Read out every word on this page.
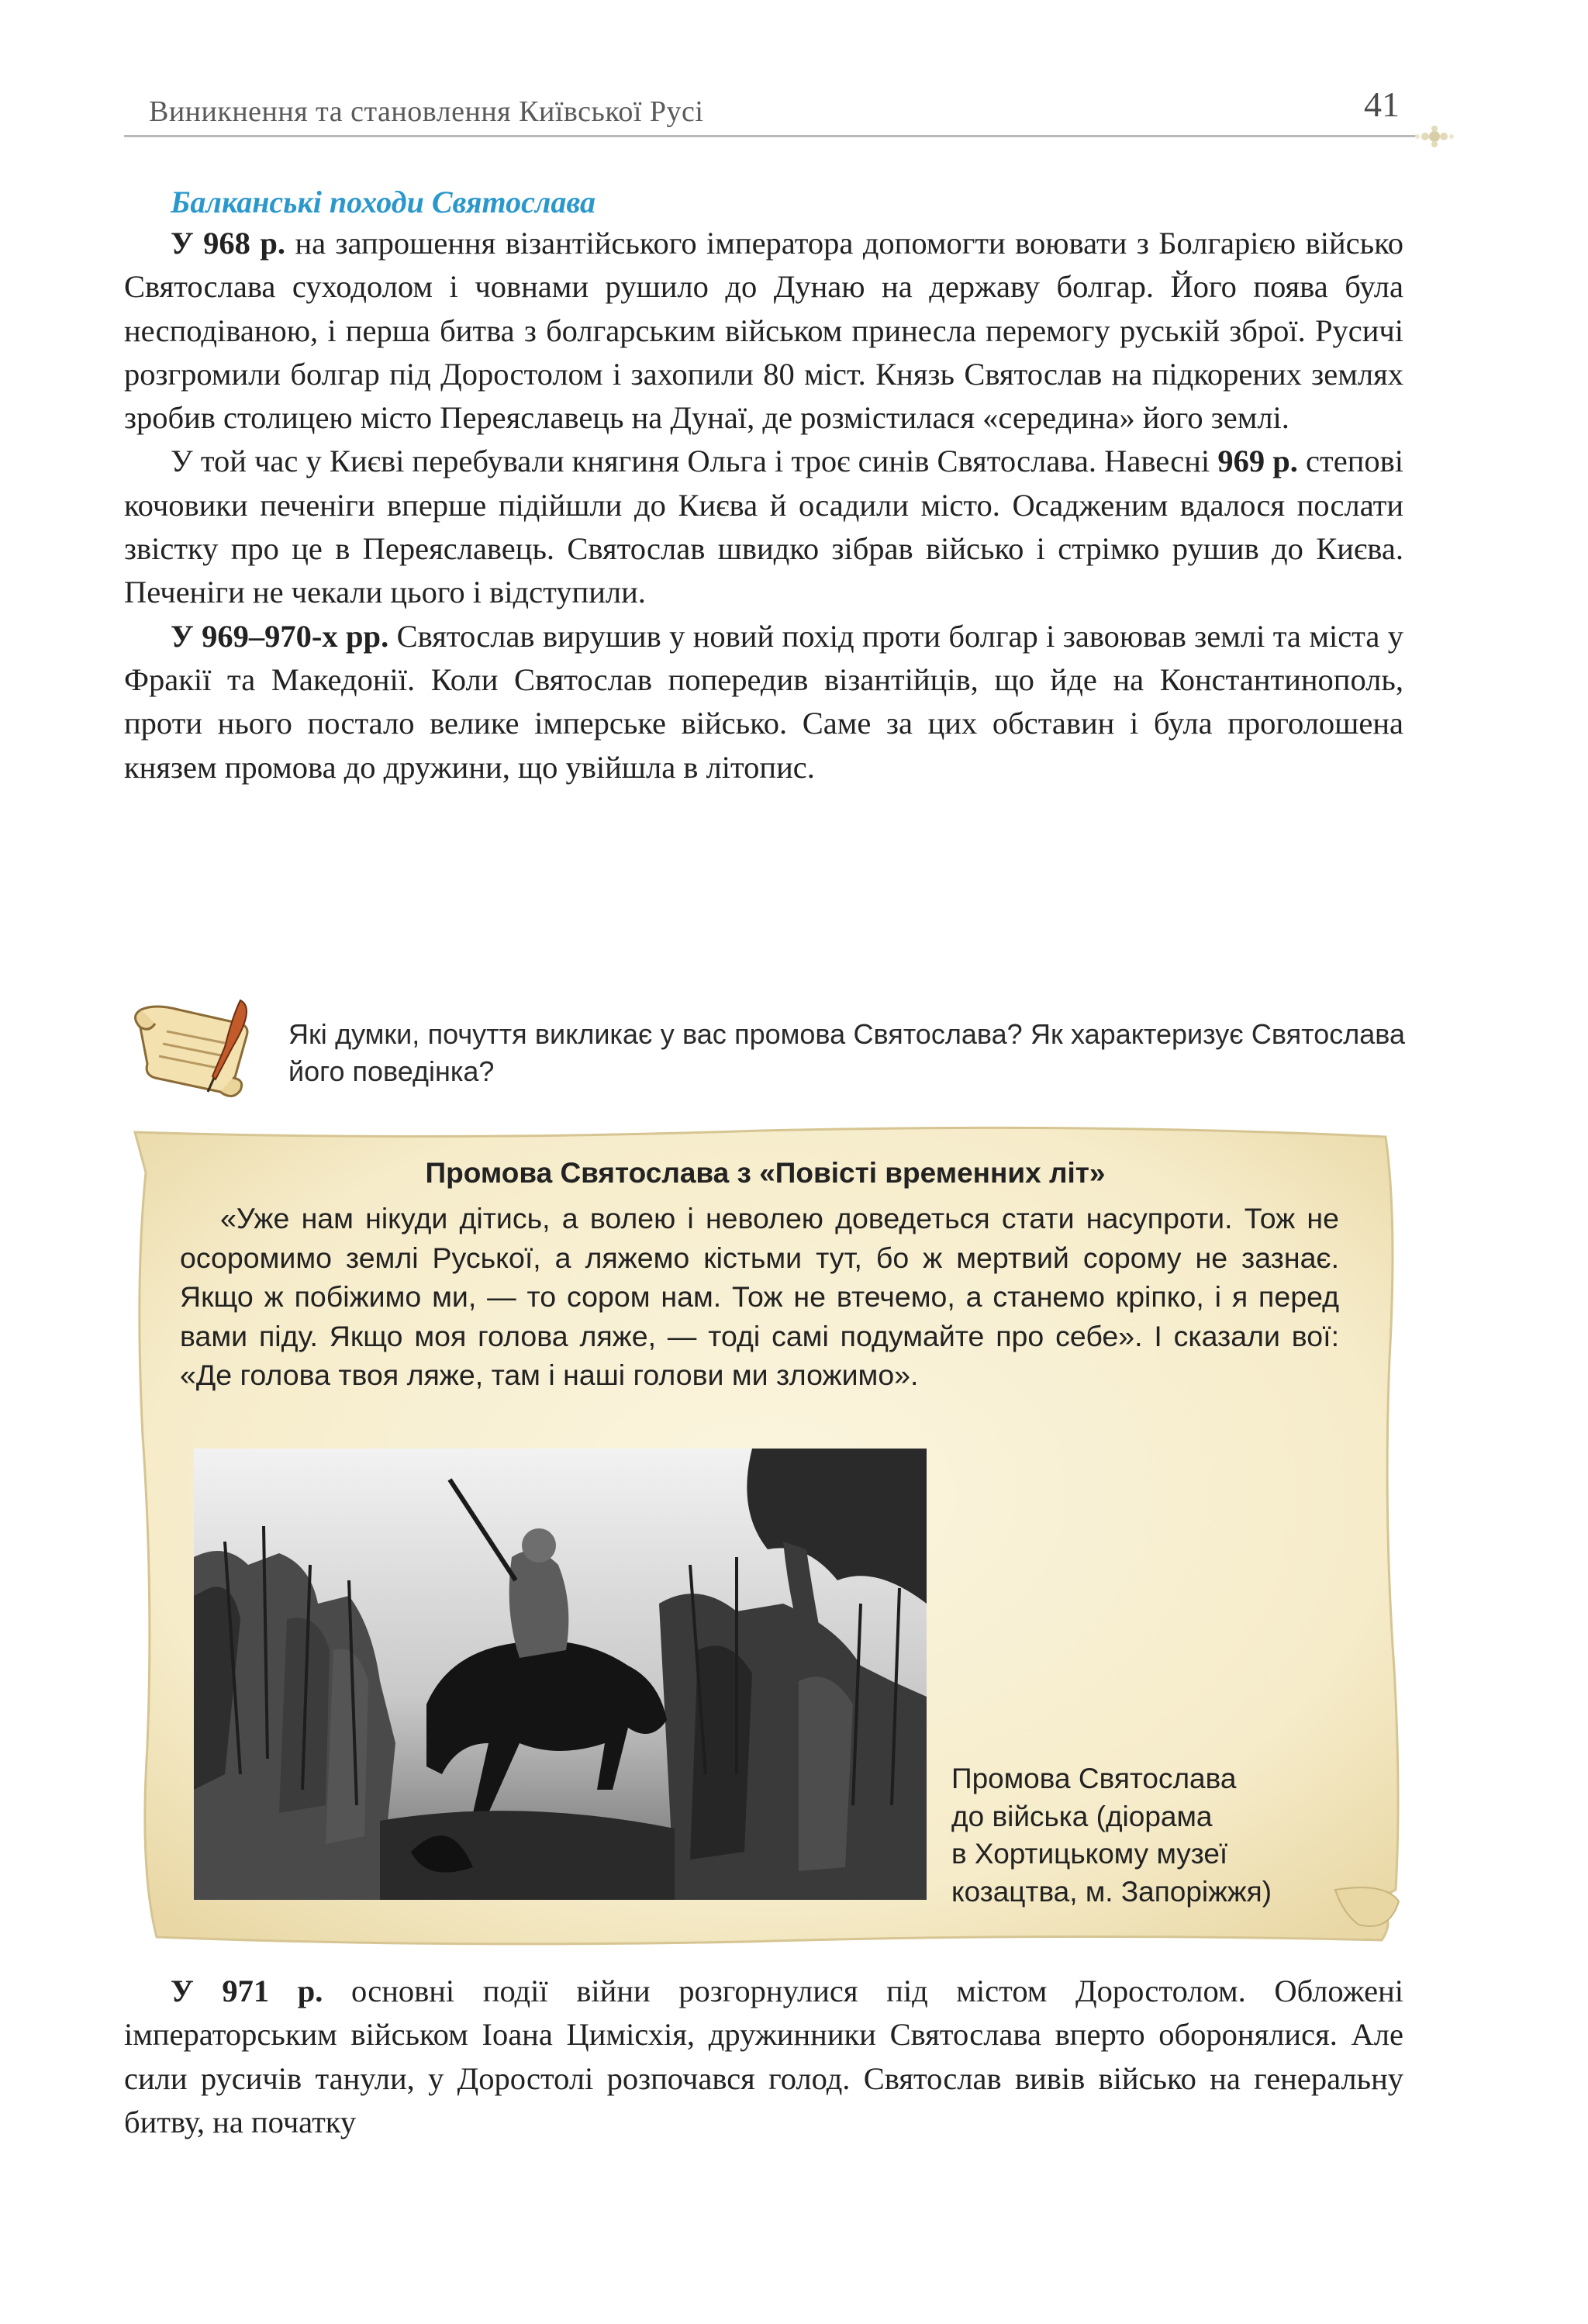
Виникнення та становлення Київської Русі	41
Балканські походи Святослава

У 968 р. на запрошення візантійського імператора допомогти воювати з Болгарією військо Святослава суходолом і човнами рушило до Дунаю на державу болгар. Його поява була несподіваною, і перша битва з болгарським військом принесла перемогу руській зброї. Русичі розгромили болгар під Доростолом і захопили 80 міст. Князь Святослав на підкорених землях зробив столицею місто Переяславець на Дунаї, де розмістилася «середина» його землі.

У той час у Києві перебували княгиня Ольга і троє синів Святослава. Навесні 969 р. степові кочовики печеніги вперше підійшли до Києва й осадили місто. Осадженим вдалося послати звістку про це в Переяславець. Святослав швидко зібрав військо і стрімко рушив до Києва. Печеніги не чекали цього і відступили.

У 969–970-х рр. Святослав вирушив у новий похід проти болгар і завоював землі та міста у Фракії та Македонії. Коли Святослав попередив візантійців, що йде на Константинополь, проти нього постало велике імперське військо. Саме за цих обставин і була проголошена князем промова до дружини, що увійшла в літопис.

Які думки, почуття викликає у вас промова Святослава? Як характеризує Святослава його поведінка?
Промова Святослава з «Повісті временних літ»

«Уже нам нікуди дітись, а волею і неволею доведеться стати насупроти. Тож не осоромимо землі Руської, а ляжемо кістьми тут, бо ж мертвий сорому не зазнає. Якщо ж побіжимо ми, — то сором нам. Тож не втечемо, а станемо кріпко, і я перед вами піду. Якщо моя голова ляже, — тоді самі подумайте про себе». І сказали вої: «Де голова твоя ляже, там і наші голови ми зложимо».

Промова Святослава
до війська (діорама
в Хортицькому музеї
козацтва, м. Запоріжжя)

У 971 р. основні події війни розгорнулися під містом Доростолом. Обложені імператорським військом Іоана Цимісхія, дружинники Святослава вперто оборонялися. Але сили русичів танули, у Доростолі розпочався голод. Святослав вивів військо на генеральну битву, на початку
